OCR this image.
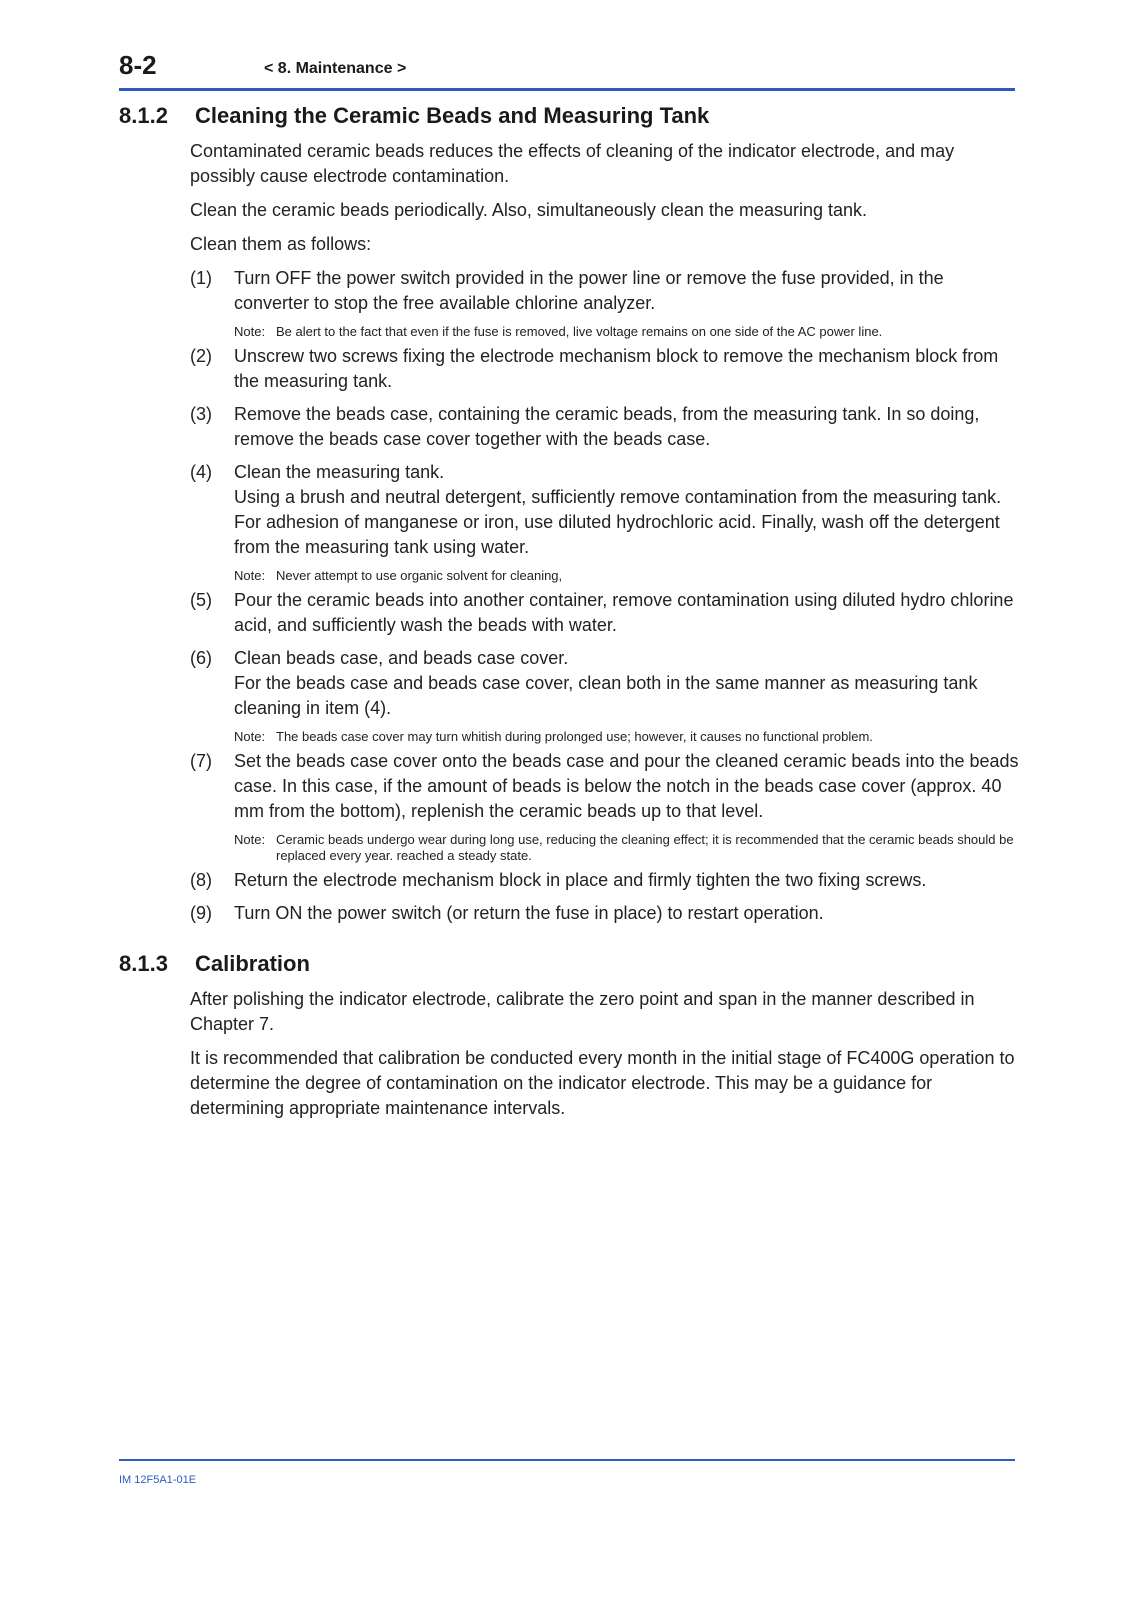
8-2	< 8. Maintenance >
8.1.2	Cleaning the Ceramic Beads and Measuring Tank

Contaminated ceramic beads reduces the effects of cleaning of the indicator electrode, and may possibly cause electrode contamination.

Clean the ceramic beads periodically. Also, simultaneously clean the measuring tank.

Clean them as follows:

(1)	Turn OFF the power switch provided in the power line or remove the fuse provided, in the converter to stop the free available chlorine analyzer.
Note: Be alert to the fact that even if the fuse is removed, live voltage remains on one side of the AC power line.
(2)	Unscrew two screws fixing the electrode mechanism block to remove the mechanism block from the measuring tank.
(3)	Remove the beads case, containing the ceramic beads, from the measuring tank. In so doing, remove the beads case cover together with the beads case.
(4)	Clean the measuring tank.
Using a brush and neutral detergent, sufficiently remove contamination from the measuring tank. For adhesion of manganese or iron, use diluted hydrochloric acid. Finally, wash off the detergent from the measuring tank using water.
Note: Never attempt to use organic solvent for cleaning,
(5)	Pour the ceramic beads into another container, remove contamination using diluted hydro chlorine acid, and sufficiently wash the beads with water.
(6)	Clean beads case, and beads case cover.
For the beads case and beads case cover, clean both in the same manner as measuring tank cleaning in item (4).
Note: The beads case cover may turn whitish during prolonged use; however, it causes no functional problem.
(7)	Set the beads case cover onto the beads case and pour the cleaned ceramic beads into the beads case. In this case, if the amount of beads is below the notch in the beads case cover (approx. 40 mm from the bottom), replenish the ceramic beads up to that level.
Note: Ceramic beads undergo wear during long use, reducing the cleaning effect; it is recommended that the ceramic beads should be replaced every year. reached a steady state.
(8)	Return the electrode mechanism block in place and firmly tighten the two fixing screws.
(9)	Turn ON the power switch (or return the fuse in place) to restart operation.
8.1.3	Calibration

After polishing the indicator electrode, calibrate the zero point and span in the manner described in Chapter 7.

It is recommended that calibration be conducted every month in the initial stage of FC400G operation to determine the degree of contamination on the indicator electrode. This may be a guidance for determining appropriate maintenance intervals.

IM 12F5A1-01E
